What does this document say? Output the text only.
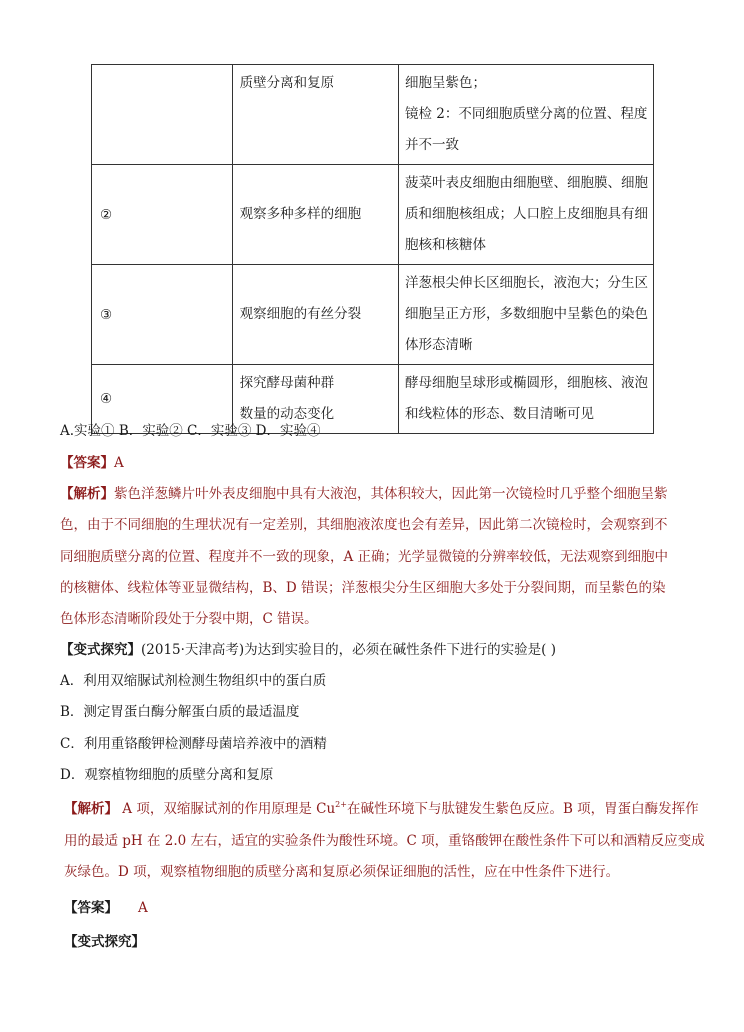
	质壁分离和复原	细胞呈紫色；
镜检 2：不同细胞质壁分离的位置、程度
并不一致

②	观察多种多样的细胞	菠菜叶表皮细胞由细胞壁、细胞膜、细胞
质和细胞核组成；人口腔上皮细胞具有细
胞核和核糖体

③	观察细胞的有丝分裂	洋葱根尖伸长区细胞长，液泡大；分生区
细胞呈正方形，多数细胞中呈紫色的染色
体形态清晰

④	探究酵母菌种群
数量的动态变化	酵母细胞呈球形或椭圆形，细胞核、液泡
和线粒体的形态、数目清晰可见
A.实验① B．实验② C．实验③ D．实验④
【答案】A
【解析】紫色洋葱鳞片叶外表皮细胞中具有大液泡，其体积较大，因此第一次镜检时几乎整个细胞呈紫
色，由于不同细胞的生理状况有一定差别，其细胞液浓度也会有差异，因此第二次镜检时，会观察到不
同细胞质壁分离的位置、程度并不一致的现象，A 正确；光学显微镜的分辨率较低，无法观察到细胞中
的核糖体、线粒体等亚显微结构，B、D 错误；洋葱根尖分生区细胞大多处于分裂间期，而呈紫色的染
色体形态清晰阶段处于分裂中期，C 错误。
【变式探究】(2015·天津高考)为达到实验目的，必须在碱性条件下进行的实验是( )
A．利用双缩脲试剂检测生物组织中的蛋白质
B．测定胃蛋白酶分解蛋白质的最适温度
C．利用重铬酸钾检测酵母菌培养液中的酒精
D．观察植物细胞的质壁分离和复原
【解析】 A 项，双缩脲试剂的作用原理是 $Cu^{2+}$在碱性环境下与肽键发生紫色反应。B 项，胃蛋白酶发挥作
用的最适 pH 在 2.0 左右，适宜的实验条件为酸性环境。C 项，重铬酸钾在酸性条件下可以和酒精反应变成
灰绿色。D 项，观察植物细胞的质壁分离和复原必须保证细胞的活性，应在中性条件下进行。
【答案】 A
【变式探究】
